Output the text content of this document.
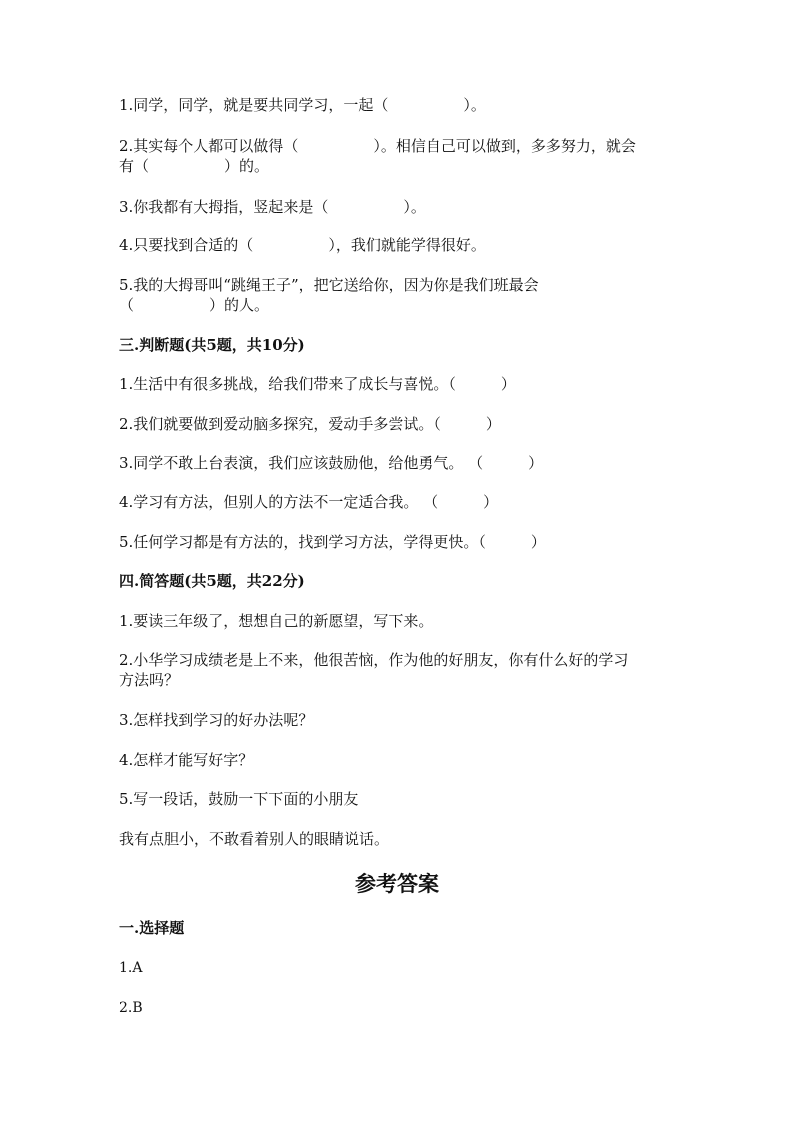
1.同学，同学，就是要共同学习，一起（　　　　　）。
2.其实每个人都可以做得（　　　　　）。相信自己可以做到，多多努力，就会
有（　　　　　）的。
3.你我都有大拇指，竖起来是（　　　　　）。
4.只要找到合适的（　　　　　），我们就能学得很好。
5.我的大拇哥叫“跳绳王子”，把它送给你，因为你是我们班最会
（　　　　　）的人。
三.判断题(共5题，共10分)
1.生活中有很多挑战，给我们带来了成长与喜悦。（　　　）
2.我们就要做到爱动脑多探究，爱动手多尝试。（　　　）
3.同学不敢上台表演，我们应该鼓励他，给他勇气。 （　　　）
4.学习有方法，但别人的方法不一定适合我。 （　　　）
5.任何学习都是有方法的，找到学习方法，学得更快。（　　　）
四.简答题(共5题，共22分)
1.要读三年级了，想想自己的新愿望，写下来。
2.小华学习成绩老是上不来，他很苦恼，作为他的好朋友，你有什么好的学习
方法吗？
3.怎样找到学习的好办法呢？
4.怎样才能写好字？
5.写一段话，鼓励一下下面的小朋友
我有点胆小，不敢看着别人的眼睛说话。
参考答案
一.选择题
1.A
2.B
